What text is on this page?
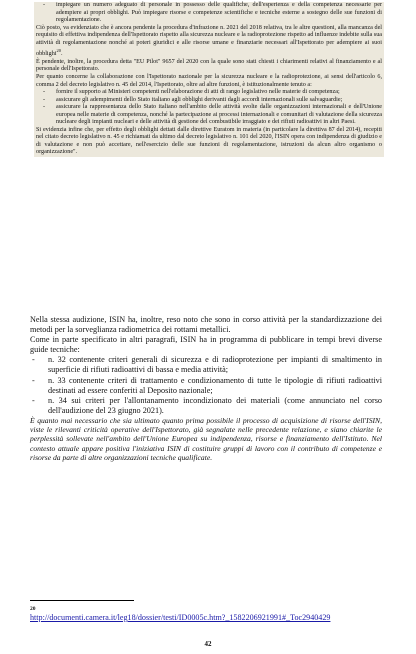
- impiegare un numero adeguato di personale in possesso delle qualifiche, dell'esperienza e della competenza necessarie per adempiere ai propri obblighi. Può impiegare risorse e competenze scientifiche e tecniche esterne a sostegno delle sue funzioni di regolamentazione.

Ciò posto, va evidenziato che è ancora pendente la procedura d'infrazione n. 2021 del 2018 relativa, tra le altre questioni, alla mancanza del requisito di effettiva indipendenza dell'Ispettorato rispetto alla sicurezza nucleare e la radioprotezione rispetto ad influenze indebite sulla sua attività di regolamentazione nonché ai poteri giuridici e alle risorse umane e finanziarie necessari all'Ispettorato per adempiere ai suoi obblighi$^{20}$.

È pendente, inoltre, la procedura detta "EU Pilot" 9657 del 2020 con la quale sono stati chiesti i chiarimenti relativi al finanziamento e al personale dell'Ispettorato.

Per quanto concerne la collaborazione con l'Ispettorato nazionale per la sicurezza nucleare e la radioprotezione, ai sensi dell'articolo 6, comma 2 del decreto legislativo n. 45 del 2014, l'Ispettorato, oltre ad altre funzioni, è istituzionalmente tenuto a:

- fornire il supporto ai Ministeri competenti nell'elaborazione di atti di rango legislativo nelle materie di competenza;
- assicurare gli adempimenti dello Stato italiano agli obblighi derivanti dagli accordi internazionali sulle salvaguardie;
- assicurare la rappresentanza dello Stato italiano nell'ambito delle attività svolte dalle organizzazioni internazionali e dell'Unione europea nelle materie di competenza, nonché la partecipazione ai processi internazionali e comunitari di valutazione della sicurezza nucleare degli impianti nucleari e delle attività di gestione del combustibile irraggiato e dei rifiuti radioattivi in altri Paesi.

Si evidenzia infine che, per effetto degli obblighi dettati dalle direttive Euratom in materia (in particolare la direttiva 87 del 2014), recepiti nel citato decreto legislativo n. 45 e richiamati da ultimo dal decreto legislativo n. 101 del 2020, l'ISIN opera con indipendenza di giudizio e di valutazione e non può accettare, nell'esercizio delle sue funzioni di regolamentazione, istruzioni da alcun altro organismo o organizzazione".

Nella stessa audizione, ISIN ha, inoltre, reso noto che sono in corso attività per la standardizzazione dei metodi per la sorveglianza radiometrica dei rottami metallici.

Come in parte specificato in altri paragrafi, ISIN ha in programma di pubblicare in tempi brevi diverse guide tecniche:

- n. 32 contenente criteri generali di sicurezza e di radioprotezione per impianti di smaltimento in superficie di rifiuti radioattivi di bassa e media attività;
- n. 33 contenente criteri di trattamento e condizionamento di tutte le tipologie di rifiuti radioattivi destinati ad essere conferiti al Deposito nazionale;
- n. 34 sui criteri per l'allontanamento incondizionato dei materiali (come annunciato nel corso dell'audizione del 23 giugno 2021).

È quanto mai necessario che sia ultimato quanto prima possibile il processo di acquisizione di risorse dell'ISIN, viste le rilevanti criticità operative dell'Ispettorato, già segnalate nelle precedente relazione, e siano chiarite le perplessità sollevate nell'ambito dell'Unione Europea su indipendenza, risorse e finanziamento dell'Istituto. Nel contesto attuale appare positiva l'iniziativa ISIN di costituire gruppi di lavoro con il contributo di competenze e risorse da parte di altre organizzazioni tecniche qualificate.

20
http://documenti.camera.it/leg18/dossier/testi/ID0005c.htm?_1582206921991#_Toc2940429
42
